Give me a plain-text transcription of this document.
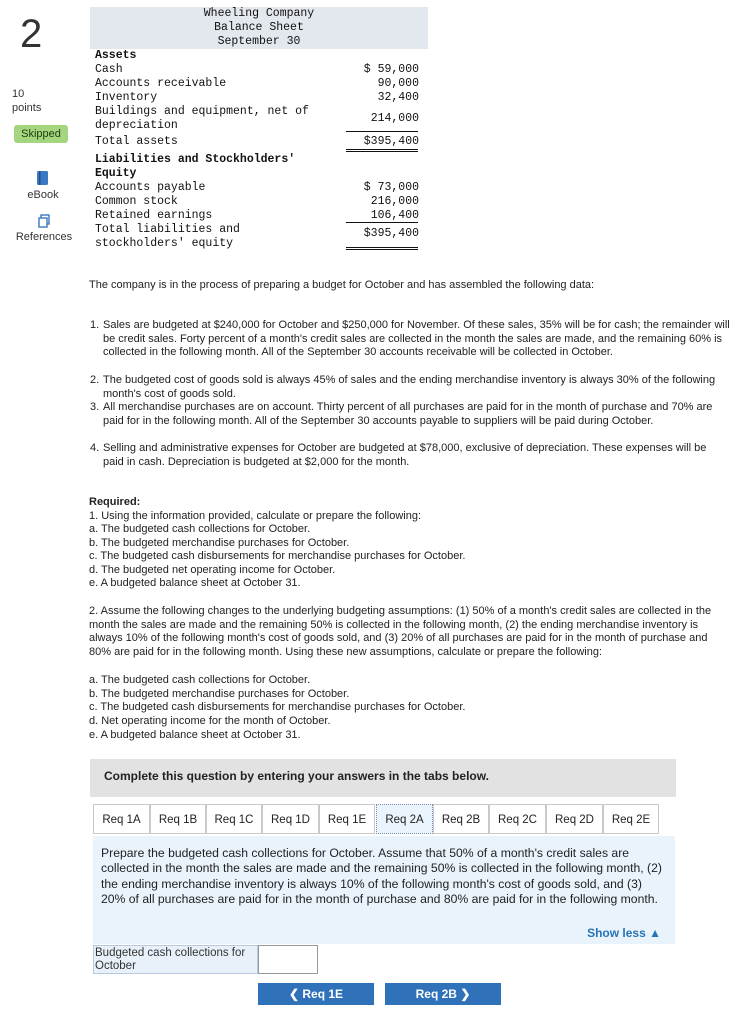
2
10
points
Skipped
eBook
References
Wheeling Company
Balance Sheet
September 30
Assets
Cash	$ 59,000
Accounts receivable	90,000
Inventory	32,400
Buildings and equipment, net of depreciation
214,000
Total assets	$395,400
Liabilities and Stockholders' Equity
Accounts payable	$ 73,000
Common stock	216,000
Retained earnings	106,400
Total liabilities and stockholders' equity
$395,400
The company is in the process of preparing a budget for October and has assembled the following data:
1. Sales are budgeted at $240,000 for October and $250,000 for November. Of these sales, 35% will be for cash; the remainder will be credit sales. Forty percent of a month's credit sales are collected in the month the sales are made, and the remaining 60% is collected in the following month. All of the September 30 accounts receivable will be collected in October.
2. The budgeted cost of goods sold is always 45% of sales and the ending merchandise inventory is always 30% of the following month's cost of goods sold.
3. All merchandise purchases are on account. Thirty percent of all purchases are paid for in the month of purchase and 70% are paid for in the following month. All of the September 30 accounts payable to suppliers will be paid during October.
4. Selling and administrative expenses for October are budgeted at $78,000, exclusive of depreciation. These expenses will be paid in cash. Depreciation is budgeted at $2,000 for the month.
Required:
1. Using the information provided, calculate or prepare the following:
a. The budgeted cash collections for October.
b. The budgeted merchandise purchases for October.
c. The budgeted cash disbursements for merchandise purchases for October.
d. The budgeted net operating income for October.
e. A budgeted balance sheet at October 31.
2. Assume the following changes to the underlying budgeting assumptions: (1) 50% of a month's credit sales are collected in the month the sales are made and the remaining 50% is collected in the following month, (2) the ending merchandise inventory is always 10% of the following month's cost of goods sold, and (3) 20% of all purchases are paid for in the month of purchase and 80% are paid for in the following month. Using these new assumptions, calculate or prepare the following:
a. The budgeted cash collections for October.
b. The budgeted merchandise purchases for October.
c. The budgeted cash disbursements for merchandise purchases for October.
d. Net operating income for the month of October.
e. A budgeted balance sheet at October 31.
Complete this question by entering your answers in the tabs below.
Req 1A	Req 1B	Req 1C	Req 1D	Req 1E	Req 2A	Req 2B	Req 2C	Req 2D	Req 2E
Prepare the budgeted cash collections for October. Assume that 50% of a month's credit sales are collected in the month the sales are made and the remaining 50% is collected in the following month, (2) the ending merchandise inventory is always 10% of the following month's cost of goods sold, and (3) 20% of all purchases are paid for in the month of purchase and 80% are paid for in the following month.
Show less ▲
Budgeted cash collections for October
❮ Req 1E	Req 2B ❯
